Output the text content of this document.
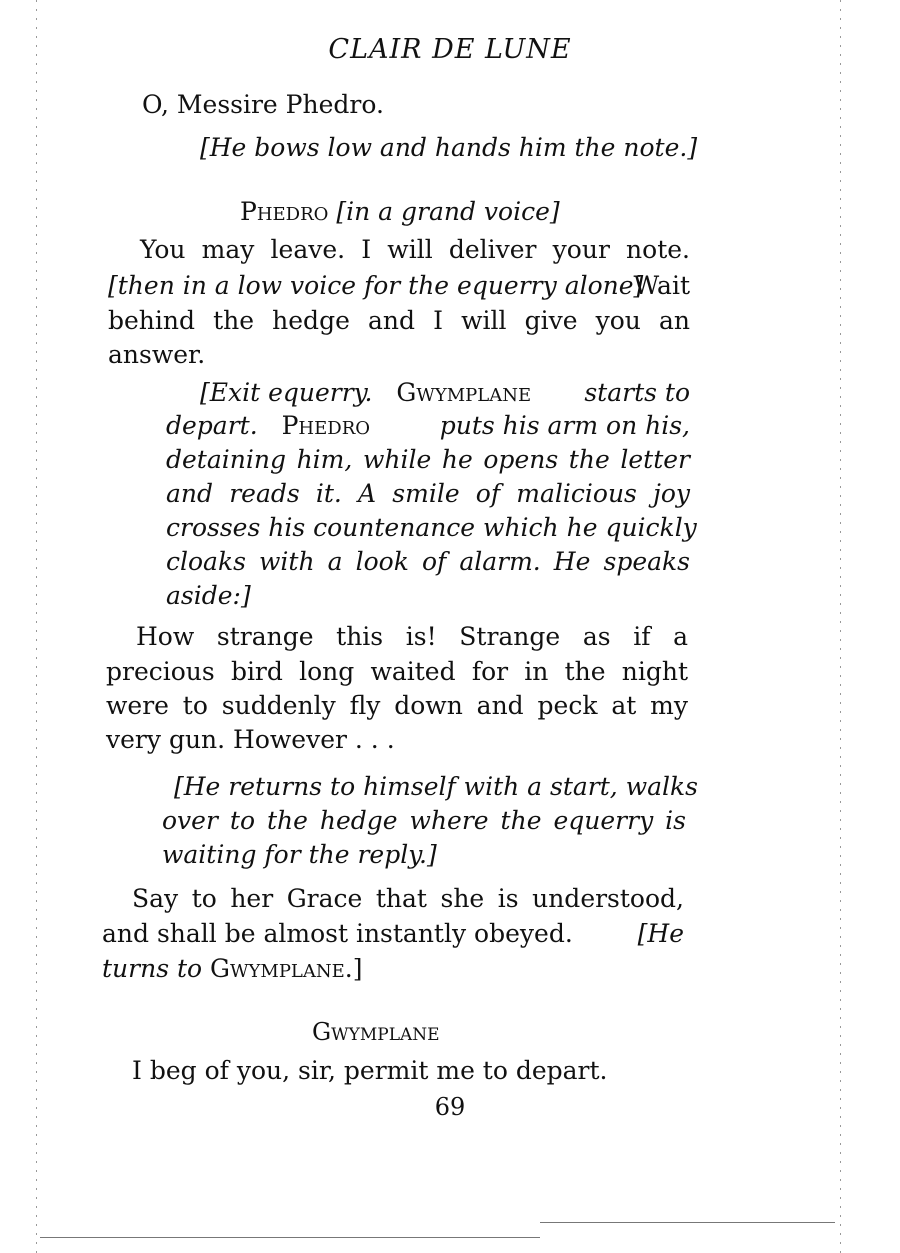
CLAIR DE LUNE
O, Messire Phedro.
[He bows low and hands him the note.]
Phedro [in a grand voice]
You may leave. I will deliver your note.
[then in a low voice for the equerry alone]
Wait
behind the hedge and I will give you an
answer.
[Exit equerry. Gwymplane starts to
depart. Phedro	puts his arm on his,
detaining him, while he opens the letter
and reads it. A smile of malicious joy
crosses his countenance which he quickly
cloaks with a look of alarm. He speaks
aside:]
How strange this is! Strange as if a
precious bird long waited for in the night
were to suddenly fly down and peck at my
very gun. However . . .
[He returns to himself with a start, walks
over to the hedge where the equerry is
waiting for the reply.]
Say to her Grace that she is understood,
and shall be almost instantly obeyed.	[He
turns to Gwymplane.]
Gwymplane
I beg of you, sir, permit me to depart.
69
